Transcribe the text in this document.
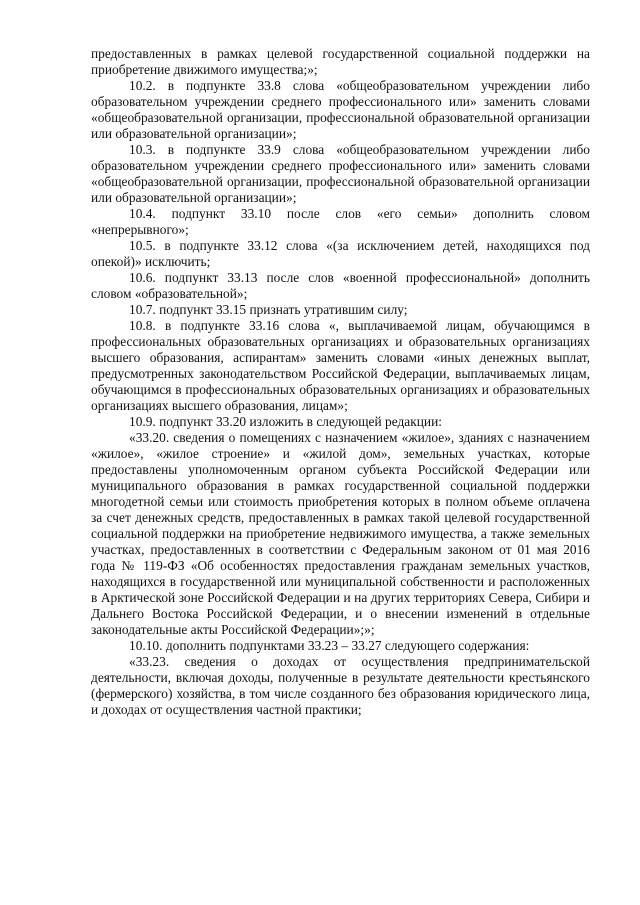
предоставленных в рамках целевой государственной социальной поддержки на приобретение движимого имущества;»;

10.2. в подпункте 33.8 слова «общеобразовательном учреждении либо образовательном учреждении среднего профессионального или» заменить словами «общеобразовательной организации, профессиональной образовательной организации или образовательной организации»;

10.3. в подпункте 33.9 слова «общеобразовательном учреждении либо образовательном учреждении среднего профессионального или» заменить словами «общеобразовательной организации, профессиональной образовательной организации или образовательной организации»;

10.4. подпункт 33.10 после слов «его семьи» дополнить словом «непрерывного»;

10.5. в подпункте 33.12 слова «(за исключением детей, находящихся под опекой)» исключить;

10.6. подпункт 33.13 после слов «военной профессиональной» дополнить словом «образовательной»;

10.7. подпункт 33.15 признать утратившим силу;

10.8. в подпункте 33.16 слова «, выплачиваемой лицам, обучающимся в профессиональных образовательных организациях и образовательных организациях высшего образования, аспирантам» заменить словами «иных денежных выплат, предусмотренных законодательством Российской Федерации, выплачиваемых лицам, обучающимся в профессиональных образовательных организациях и образовательных организациях высшего образования, лицам»;

10.9. подпункт 33.20 изложить в следующей редакции:

«33.20. сведения о помещениях с назначением «жилое», зданиях с назначением «жилое», «жилое строение» и «жилой дом», земельных участках, которые предоставлены уполномоченным органом субъекта Российской Федерации или муниципального образования в рамках государственной социальной поддержки многодетной семьи или стоимость приобретения которых в полном объеме оплачена за счет денежных средств, предоставленных в рамках такой целевой государственной социальной поддержки на приобретение недвижимого имущества, а также земельных участках, предоставленных в соответствии с Федеральным законом от 01 мая 2016 года № 119-ФЗ «Об особенностях предоставления гражданам земельных участков, находящихся в государственной или муниципальной собственности и расположенных в Арктической зоне Российской Федерации и на других территориях Севера, Сибири и Дальнего Востока Российской Федерации, и о внесении изменений в отдельные законодательные акты Российской Федерации»;»;

10.10. дополнить подпунктами 33.23 – 33.27 следующего содержания:

«33.23. сведения о доходах от осуществления предпринимательской деятельности, включая доходы, полученные в результате деятельности крестьянского (фермерского) хозяйства, в том числе созданного без образования юридического лица, и доходах от осуществления частной практики;
